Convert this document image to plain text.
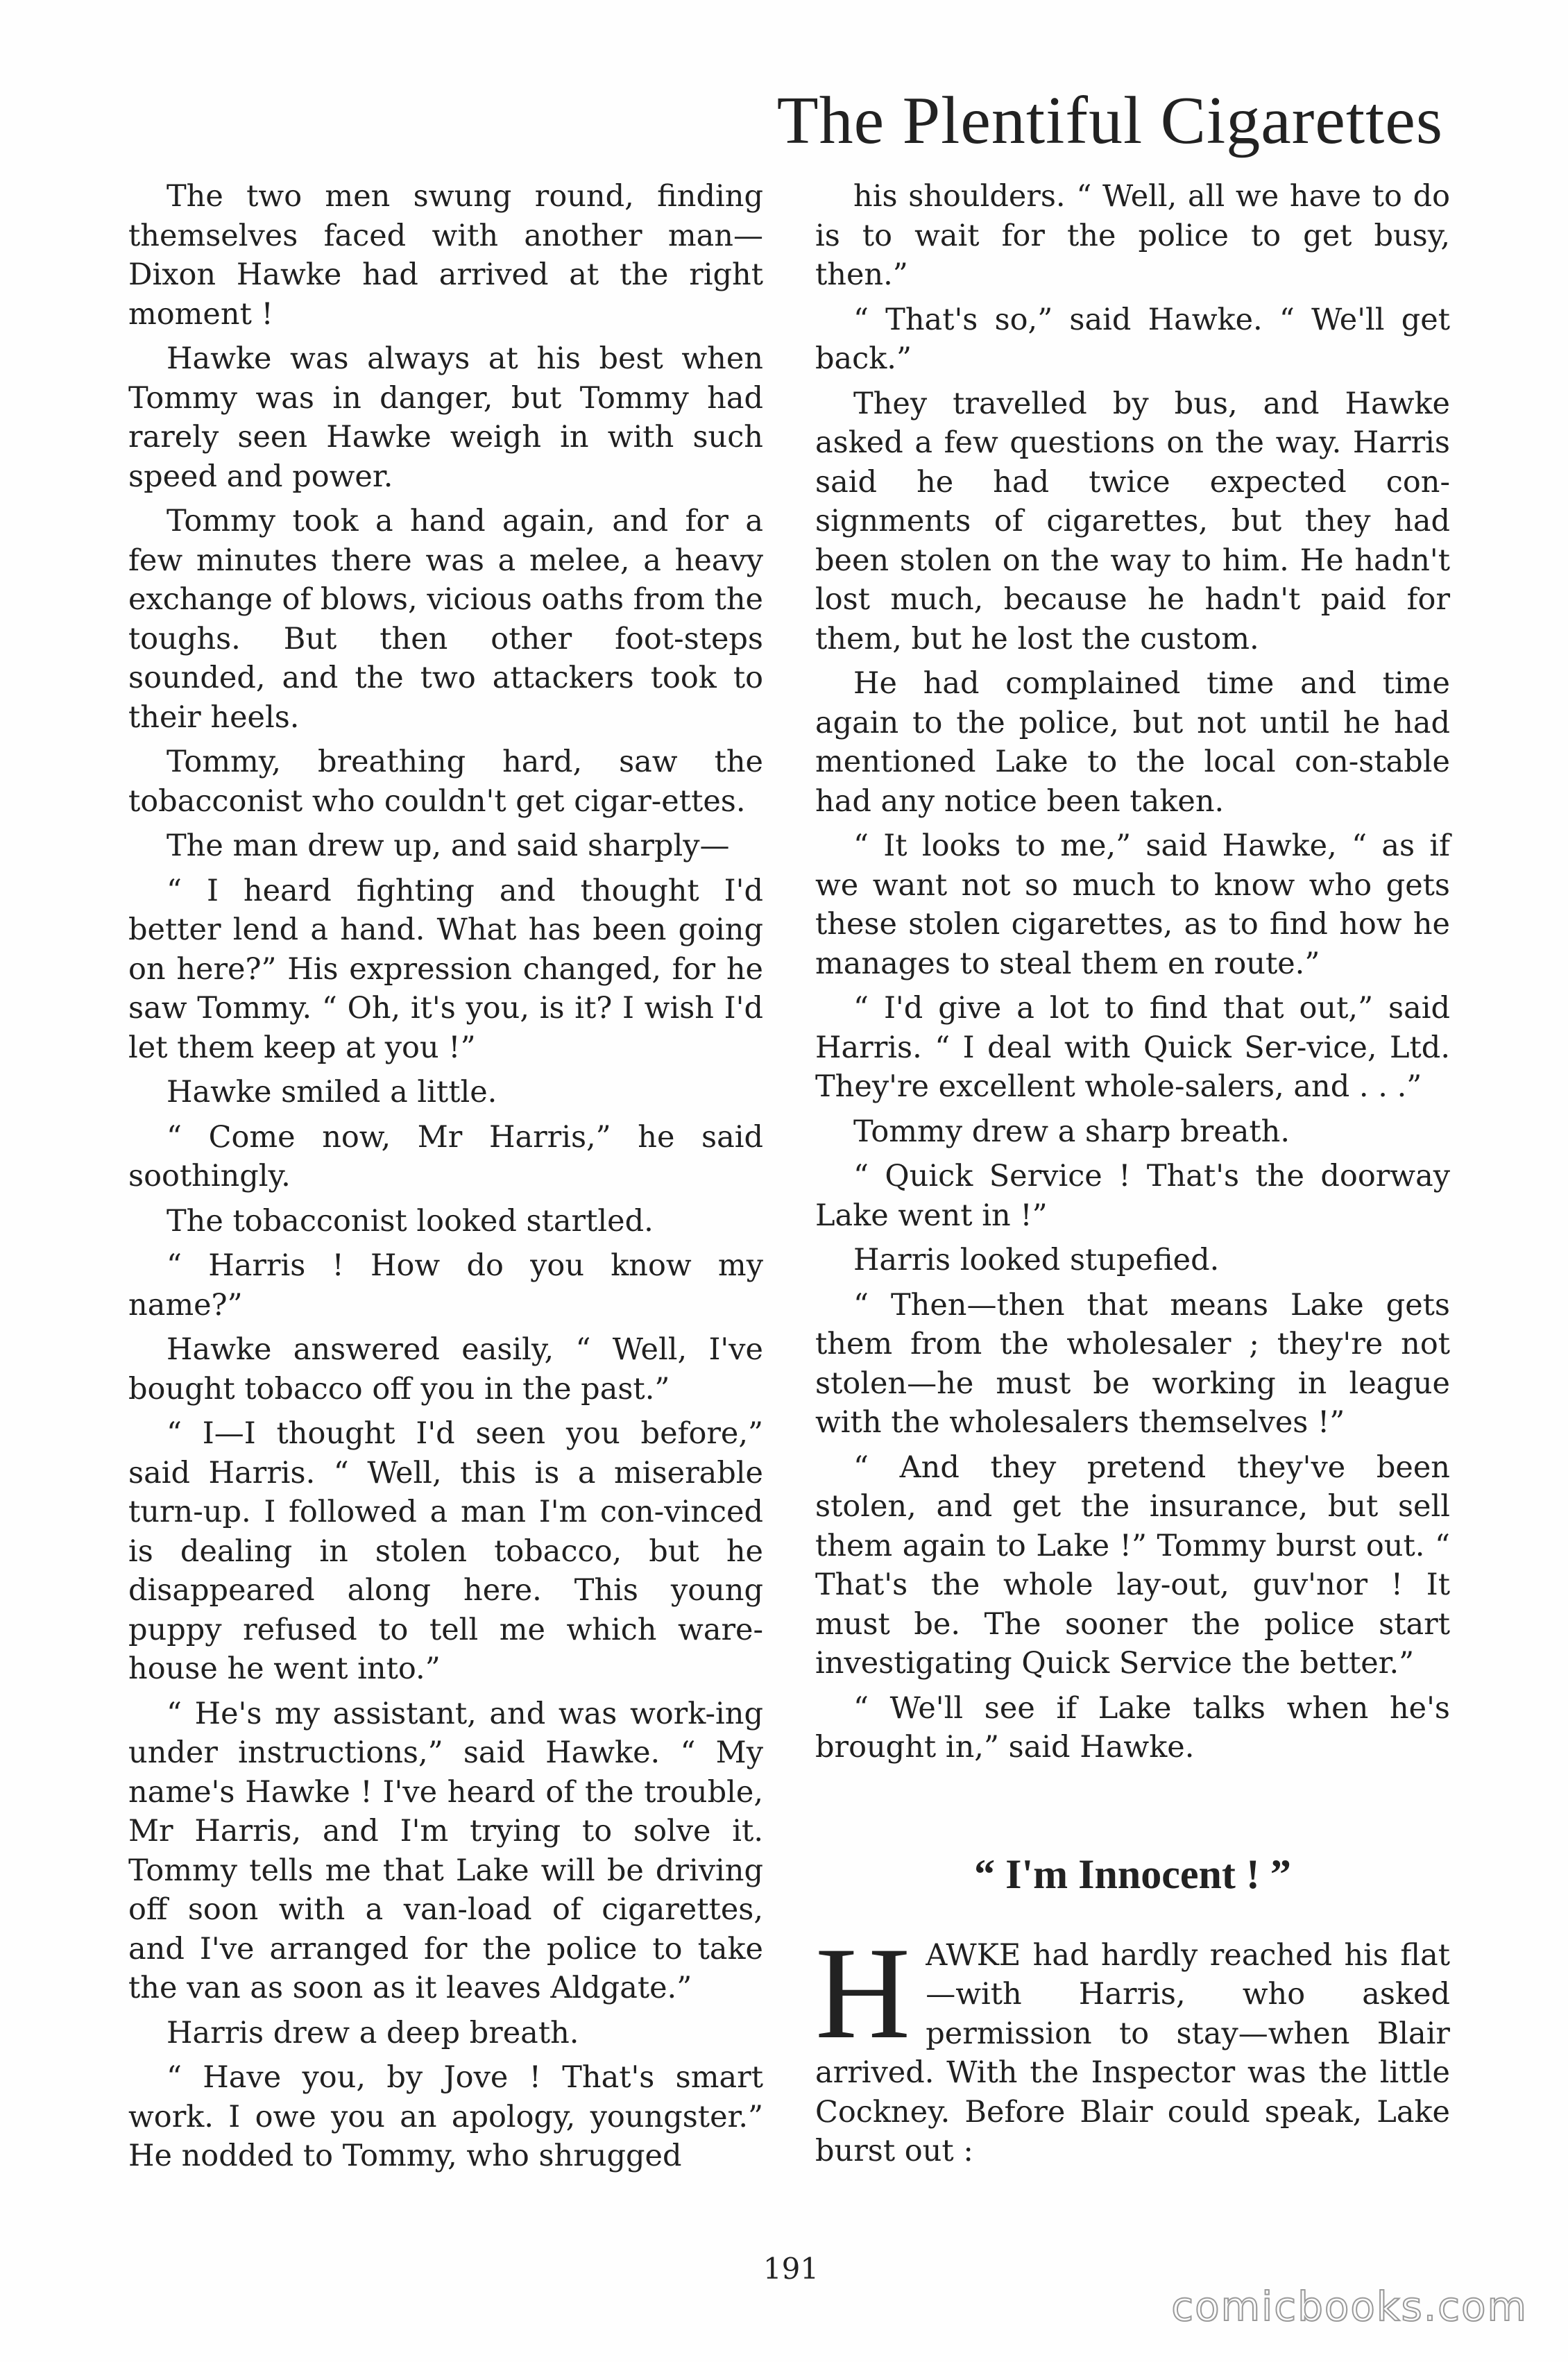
The Plentiful Cigarettes

The two men swung round, finding themselves faced with another man—Dixon Hawke had arrived at the right moment !

Hawke was always at his best when Tommy was in danger, but Tommy had rarely seen Hawke weigh in with such speed and power.

Tommy took a hand again, and for a few minutes there was a melee, a heavy exchange of blows, vicious oaths from the toughs. But then other foot-steps sounded, and the two attackers took to their heels.

Tommy, breathing hard, saw the tobacconist who couldn't get cigar-ettes.

The man drew up, and said sharply—

“ I heard fighting and thought I'd better lend a hand. What has been going on here?” His expression changed, for he saw Tommy. “ Oh, it's you, is it? I wish I'd let them keep at you !”

Hawke smiled a little.

“ Come now, Mr Harris,” he said soothingly.

The tobacconist looked startled.

“ Harris ! How do you know my name?”

Hawke answered easily, “ Well, I've bought tobacco off you in the past.”

“ I—I thought I'd seen you before,” said Harris. “ Well, this is a miserable turn-up. I followed a man I'm con-vinced is dealing in stolen tobacco, but he disappeared along here. This young puppy refused to tell me which ware-house he went into.”

“ He's my assistant, and was work-ing under instructions,” said Hawke. “ My name's Hawke ! I've heard of the trouble, Mr Harris, and I'm trying to solve it. Tommy tells me that Lake will be driving off soon with a van-load of cigarettes, and I've arranged for the police to take the van as soon as it leaves Aldgate.”

Harris drew a deep breath.

“ Have you, by Jove ! That's smart work. I owe you an apology, youngster.” He nodded to Tommy, who shrugged

his shoulders. “ Well, all we have to do is to wait for the police to get busy, then.”

“ That's so,” said Hawke. “ We'll get back.”

They travelled by bus, and Hawke asked a few questions on the way. Harris said he had twice expected con-signments of cigarettes, but they had been stolen on the way to him. He hadn't lost much, because he hadn't paid for them, but he lost the custom.

He had complained time and time again to the police, but not until he had mentioned Lake to the local con-stable had any notice been taken.

“ It looks to me,” said Hawke, “ as if we want not so much to know who gets these stolen cigarettes, as to find how he manages to steal them en route.”

“ I'd give a lot to find that out,” said Harris. “ I deal with Quick Ser-vice, Ltd. They're excellent whole-salers, and . . .”

Tommy drew a sharp breath.

“ Quick Service ! That's the doorway Lake went in !”

Harris looked stupefied.

“ Then—then that means Lake gets them from the wholesaler ; they're not stolen—he must be working in league with the wholesalers themselves !”

“ And they pretend they've been stolen, and get the insurance, but sell them again to Lake !” Tommy burst out. “ That's the whole lay-out, guv'nor ! It must be. The sooner the police start investigating Quick Service the better.”

“ We'll see if Lake talks when he's brought in,” said Hawke.

“ I'm Innocent ! ”

H AWKE had hardly reached his flat—with Harris, who asked permission to stay—when Blair arrived. With the Inspector was the little Cockney. Before Blair could speak, Lake burst out :

191
comicbooks.com
